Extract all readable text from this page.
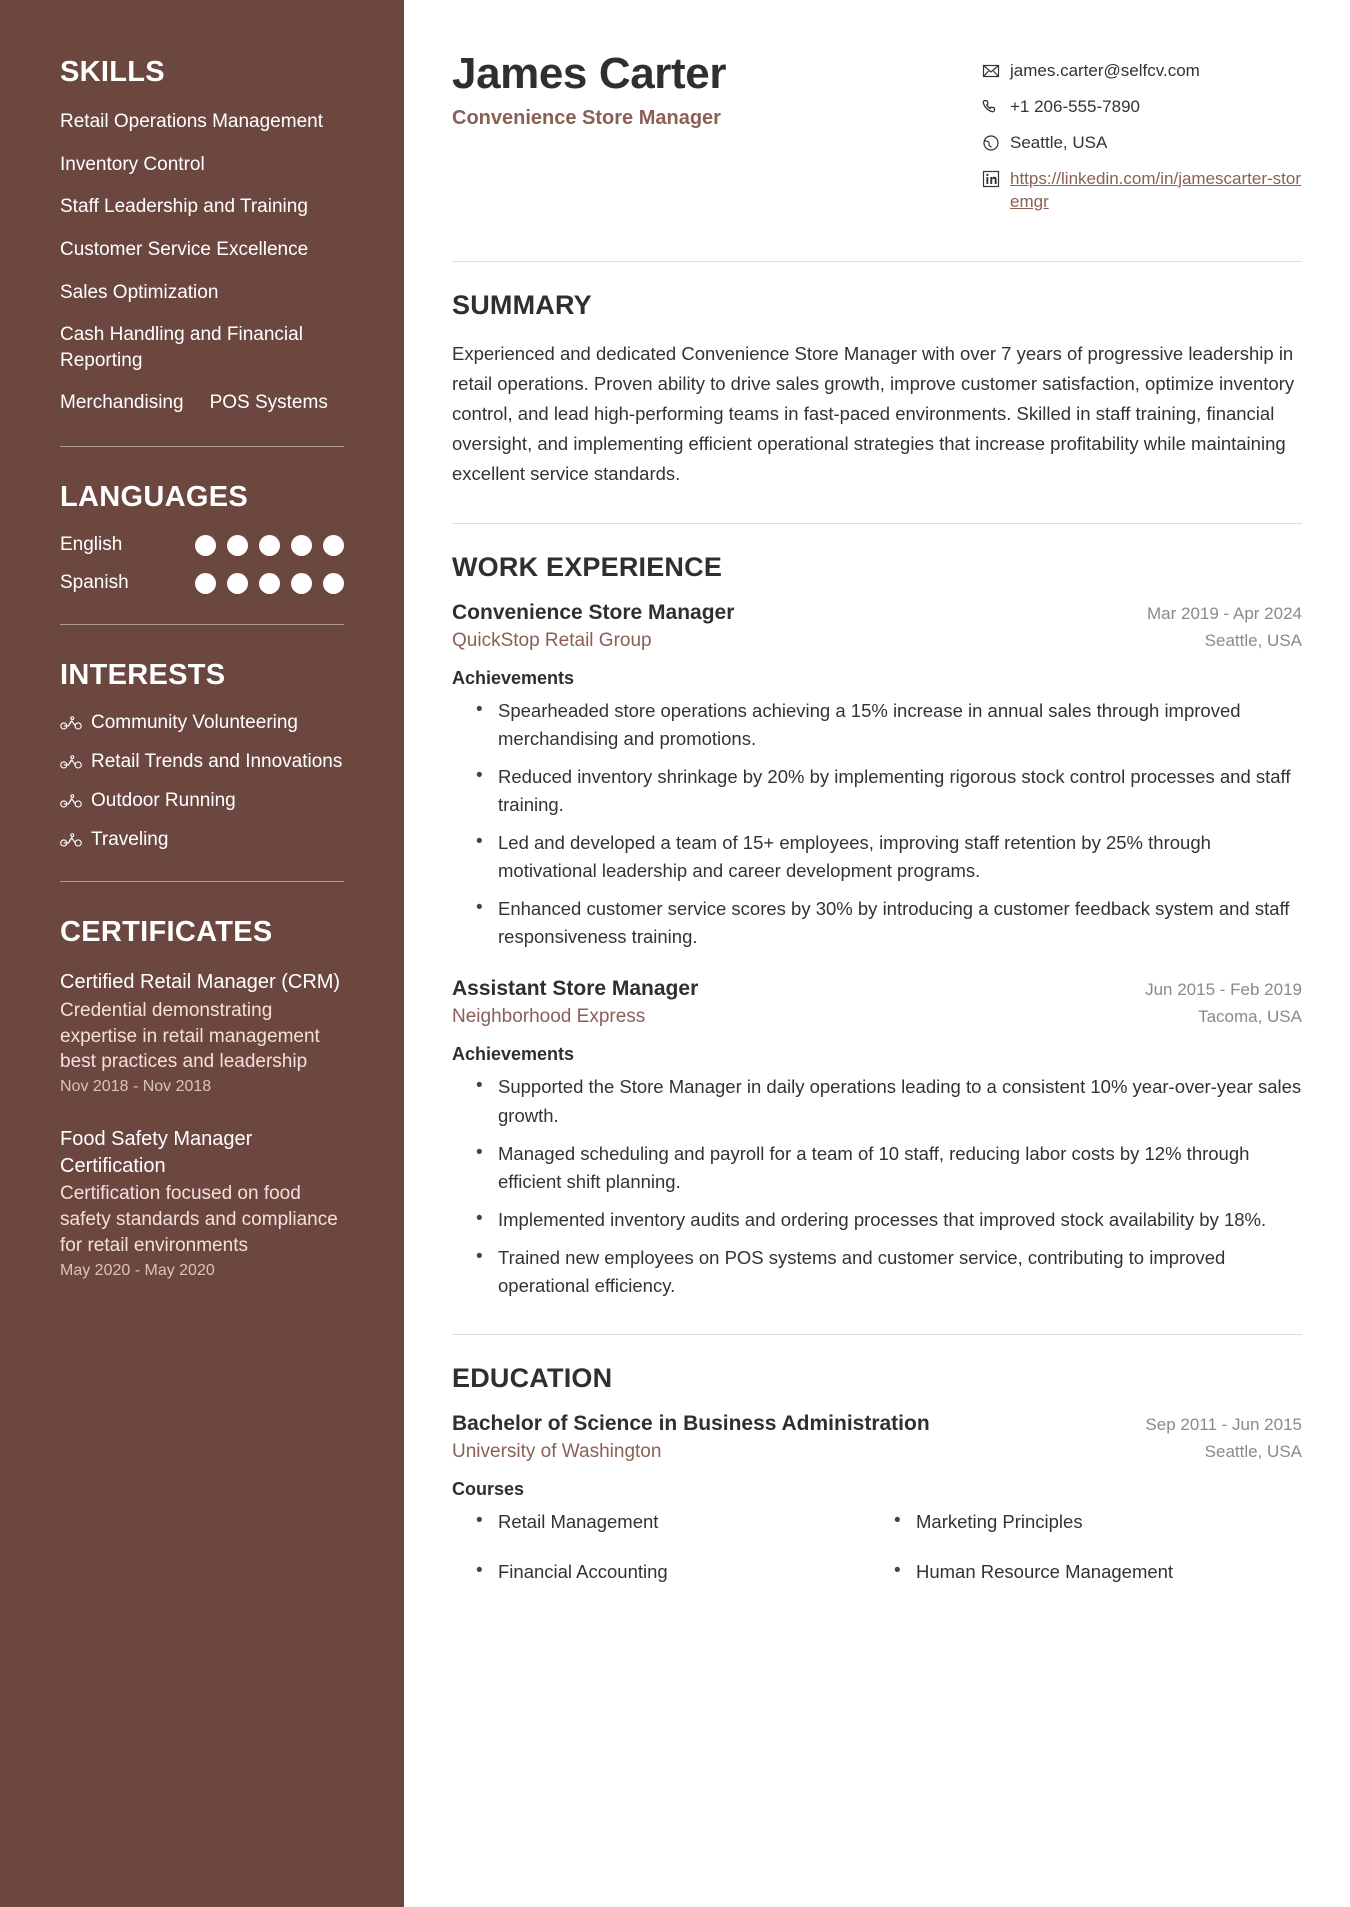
SKILLS
Retail Operations Management
Inventory Control
Staff Leadership and Training
Customer Service Excellence
Sales Optimization
Cash Handling and Financial Reporting
Merchandising POS Systems
LANGUAGES
English
Spanish
INTERESTS
Community Volunteering
Retail Trends and Innovations
Outdoor Running
Traveling
CERTIFICATES
Certified Retail Manager (CRM)
Credential demonstrating expertise in retail management best practices and leadership
Nov 2018 - Nov 2018
Food Safety Manager Certification
Certification focused on food safety standards and compliance for retail environments
May 2020 - May 2020
James Carter
Convenience Store Manager
james.carter@selfcv.com
+1 206-555-7890
Seattle, USA
https://linkedin.com/in/jamescarter-storemgr
SUMMARY

Experienced and dedicated Convenience Store Manager with over 7 years of progressive leadership in retail operations. Proven ability to drive sales growth, improve customer satisfaction, optimize inventory control, and lead high-performing teams in fast-paced environments. Skilled in staff training, financial oversight, and implementing efficient operational strategies that increase profitability while maintaining excellent service standards.

WORK EXPERIENCE
Convenience Store Manager	Mar 2019 - Apr 2024
QuickStop Retail Group	Seattle, USA
Achievements
• Spearheaded store operations achieving a 15% increase in annual sales through improved merchandising and promotions.
• Reduced inventory shrinkage by 20% by implementing rigorous stock control processes and staff training.
• Led and developed a team of 15+ employees, improving staff retention by 25% through motivational leadership and career development programs.
• Enhanced customer service scores by 30% by introducing a customer feedback system and staff responsiveness training.
Assistant Store Manager	Jun 2015 - Feb 2019
Neighborhood Express	Tacoma, USA
Achievements
• Supported the Store Manager in daily operations leading to a consistent 10% year-over-year sales growth.
• Managed scheduling and payroll for a team of 10 staff, reducing labor costs by 12% through efficient shift planning.
• Implemented inventory audits and ordering processes that improved stock availability by 18%.
• Trained new employees on POS systems and customer service, contributing to improved operational efficiency.
EDUCATION
Bachelor of Science in Business Administration	Sep 2011 - Jun 2015
University of Washington	Seattle, USA
Courses
• Retail Management	• Marketing Principles
• Financial Accounting	• Human Resource Management
